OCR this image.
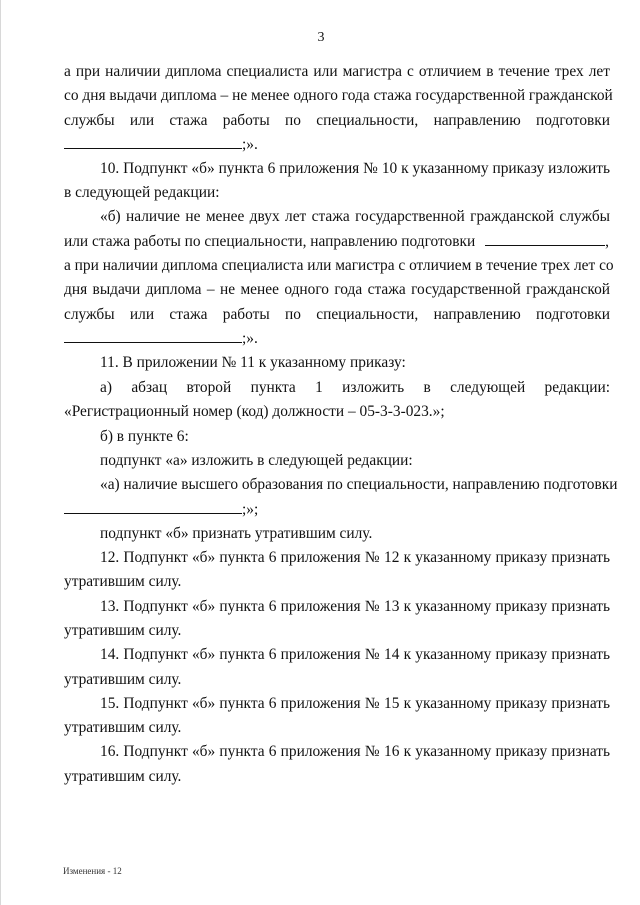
3
а при наличии диплома специалиста или магистра с отличием в течение трех лет
со дня выдачи диплома – не менее одного года стажа государственной гражданской
службы или стажа работы по специальности, направлению подготовки
;».
10. Подпункт «б» пункта 6 приложения № 10 к указанному приказу изложить
в следующей редакции:
«б) наличие не менее двух лет стажа государственной гражданской службы
или стажа работы по специальности, направлению подготовки	,
а при наличии диплома специалиста или магистра с отличием в течение трех лет со
дня выдачи диплома – не менее одного года стажа государственной гражданской
службы или стажа работы по специальности, направлению подготовки
;».
11. В приложении № 11 к указанному приказу:
а) абзац второй пункта 1 изложить в следующей редакции:
«Регистрационный номер (код) должности – 05-3-3-023.»;
б) в пункте 6:
подпункт «а» изложить в следующей редакции:
«а) наличие высшего образования по специальности, направлению подготовки
;»;
подпункт «б» признать утратившим силу.
12. Подпункт «б» пункта 6 приложения № 12 к указанному приказу признать
утратившим силу.
13. Подпункт «б» пункта 6 приложения № 13 к указанному приказу признать
утратившим силу.
14. Подпункт «б» пункта 6 приложения № 14 к указанному приказу признать
утратившим силу.
15. Подпункт «б» пункта 6 приложения № 15 к указанному приказу признать
утратившим силу.
16. Подпункт «б» пункта 6 приложения № 16 к указанному приказу признать
утратившим силу.
Изменения - 12
